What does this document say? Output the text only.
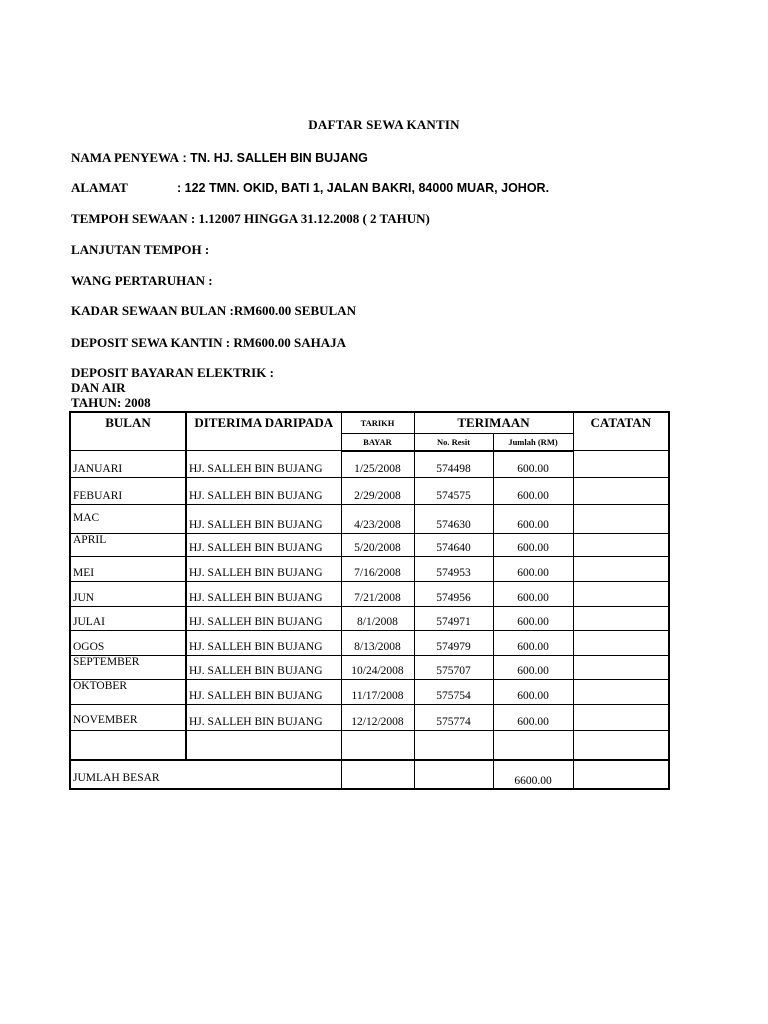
DAFTAR SEWA KANTIN
NAMA PENYEWA : TN. HJ. SALLEH BIN BUJANG
ALAMAT	: 122 TMN. OKID, BATI 1, JALAN BAKRI, 84000 MUAR, JOHOR.
TEMPOH SEWAAN : 1.12007 HINGGA 31.12.2008 ( 2 TAHUN)
LANJUTAN TEMPOH :
WANG PERTARUHAN :
KADAR SEWAAN BULAN :RM600.00 SEBULAN
DEPOSIT SEWA KANTIN : RM600.00 SAHAJA
DEPOSIT BAYARAN ELEKTRIK :
DAN AIR
TAHUN: 2008
BULAN	DITERIMA DARIPADA	TARIKH	TERIMAAN		CATATAN
		BAYAR	No. Resit	Jumlah (RM)	
JANUARI	HJ. SALLEH BIN BUJANG	1/25/2008	574498	600.00	
FEBUARI	HJ. SALLEH BIN BUJANG	2/29/2008	574575	600.00	
MAC	HJ. SALLEH BIN BUJANG	4/23/2008	574630	600.00	
APRIL	HJ. SALLEH BIN BUJANG	5/20/2008	574640	600.00	
MEI	HJ. SALLEH BIN BUJANG	7/16/2008	574953	600.00	
JUN	HJ. SALLEH BIN BUJANG	7/21/2008	574956	600.00	
JULAI	HJ. SALLEH BIN BUJANG	8/1/2008	574971	600.00	
OGOS	HJ. SALLEH BIN BUJANG	8/13/2008	574979	600.00	
SEPTEMBER	HJ. SALLEH BIN BUJANG	10/24/2008	575707	600.00	
OKTOBER	HJ. SALLEH BIN BUJANG	11/17/2008	575754	600.00	
NOVEMBER	HJ. SALLEH BIN BUJANG	12/12/2008	575774	600.00	

JUMLAH BESAR				6600.00	
